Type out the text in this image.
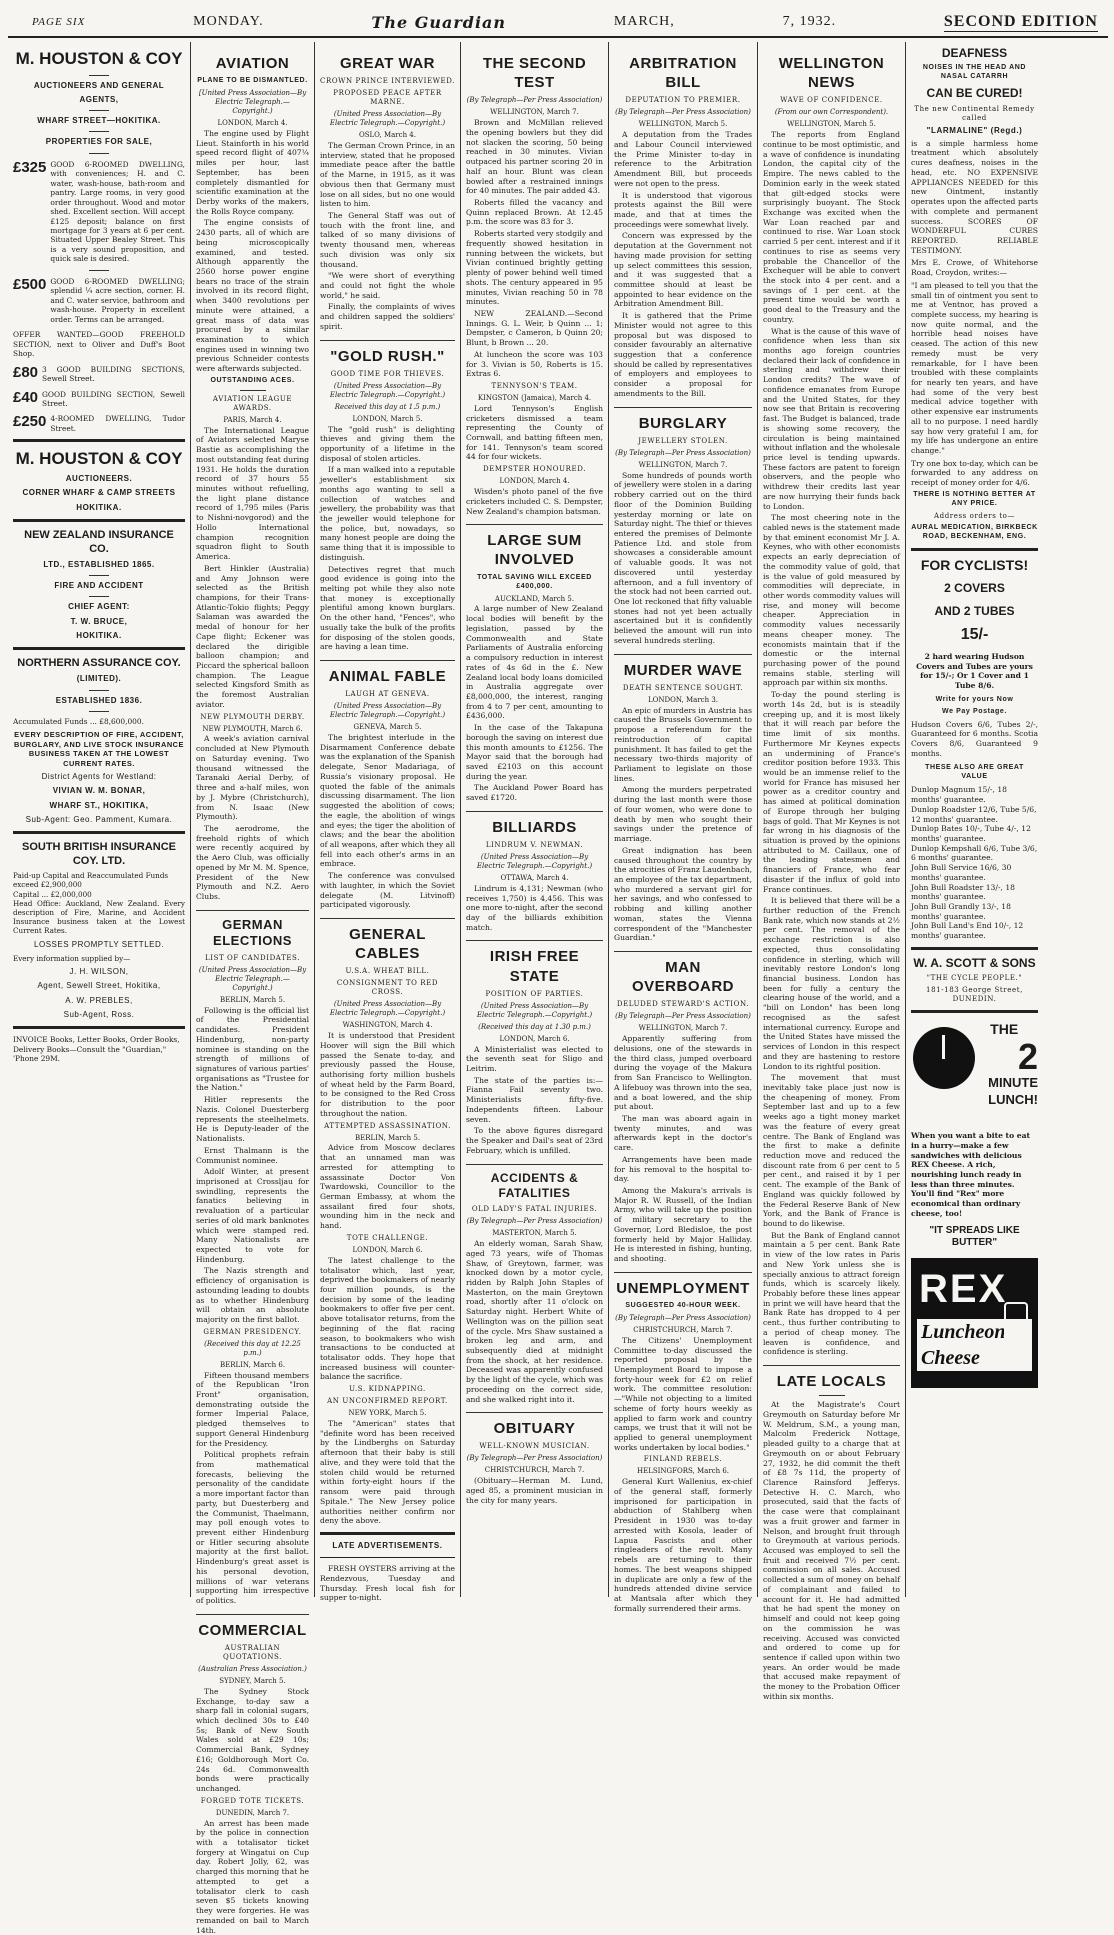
PAGE SIX	MONDAY.	The Guardian	MARCH,	7, 1932.	SECOND EDITION
M. HOUSTON & COY
AUCTIONEERS AND GENERAL
AGENTS,
WHARF STREET—HOKITIKA.
PROPERTIES FOR SALE,
£325 GOOD 6-ROOMED DWELLING, with conveniences; H. and C. water, wash-house, bath-room and pantry. Large rooms, in very good order throughout. Wood and motor shed. Excellent section. Will accept £125 deposit; balance on first mortgage for 3 years at 6 per cent. Situated Upper Bealey Street. This is a very sound proposition, and quick sale is desired.
£500 GOOD 6-ROOMED DWELLING; splendid ¼ acre section, corner. H. and C. water service, bathroom and wash-house. Property in excellent order. Terms can be arranged.
OFFER WANTED—GOOD FREEHOLD SECTION, next to Oliver and Duff's Boot Shop.
£80 3 GOOD BUILDING SECTIONS, Sewell Street.
£40 GOOD BUILDING SECTION, Sewell Street.
£250 4-ROOMED DWELLING, Tudor Street.
M. HOUSTON & COY
AUCTIONEERS.
CORNER WHARF & CAMP STREETS
HOKITIKA.
NEW ZEALAND INSURANCE CO.
LTD., ESTABLISHED 1865.
FIRE AND ACCIDENT
CHIEF AGENT:
T. W. BRUCE,
HOKITIKA.
NORTHERN ASSURANCE COY.
(LIMITED).
ESTABLISHED 1836.
Accumulated Funds ... £8,600,000.
EVERY DESCRIPTION OF FIRE, ACCIDENT, BURGLARY, AND LIVE STOCK INSURANCE BUSINESS TAKEN AT THE LOWEST CURRENT RATES.
District Agents for Westland:
VIVIAN W. M. BONAR,
WHARF ST., HOKITIKA,
Sub-Agent: Geo. Pamment, Kumara.
SOUTH BRITISH INSURANCE COY. LTD.
Paid-up Capital and Reaccumulated Funds exceed £2,900,000
Capital ... £2,000,000
Head Office: Auckland, New Zealand. Every description of Fire, Marine, and Accident Insurance business taken at the Lowest Current Rates.
LOSSES PROMPTLY SETTLED.
Every information supplied by—
J. H. WILSON,
Agent, Sewell Street, Hokitika,
A. W. PREBLES,
Sub-Agent, Ross.
INVOICE Books, Letter Books, Order Books, Delivery Books—Consult the "Guardian," 'Phone 29M.
AVIATION
PLANE TO BE DISMANTLED.
[United Press Association—By Electric Telegraph.—Copyright.)
LONDON, March 4.

The engine used by Flight Lieut. Stainforth in his world speed record flight of 407¼ miles per hour, last September, has been completely dismantled for scientific examination at the Derby works of the makers, the Rolls Royce company.

The engine consists of 2430 parts, all of which are being microscopically examined, and tested. Although apparently the 2560 horse power engine bears no trace of the strain involved in its record flight, when 3400 revolutions per minute were attained, a great mass of data was procured by a similar examination to which engines used in winning two previous Schneider contests were afterwards subjected.

OUTSTANDING ACES.
AVIATION LEAGUE AWARDS.
PARIS, March 4.

The International League of Aviators selected Maryse Bastie as accomplishing the most outstanding feat during 1931. He holds the duration record of 37 hours 55 minutes without refuelling, the light plane distance record of 1,795 miles (Paris to Nishni-novgorod) and the Hollo International champion recognition squadron flight to South America.

Bert Hinkler (Australia) and Amy Johnson were selected as the British champions, for their Trans-Atlantic-Tokio flights; Peggy Salaman was awarded the medal of honour for her Cape flight; Eckener was declared the dirigible balloon champion; and Piccard the spherical balloon champion. The League selected Kingsford Smith as the foremost Australian aviator.

NEW PLYMOUTH DERBY.
NEW PLYMOUTH, March 6.

A week's aviation carnival concluded at New Plymouth on Saturday evening. Two thousand witnessed the Taranaki Aerial Derby, of three and a-half miles, won by J. Mybre (Christchurch), from N. Isaac (New Plymouth).

The aerodrome, the freehold rights of which were recently acquired by the Aero Club, was officially opened by Mr M. M. Spence, President of the New Plymouth and N.Z. Aero Clubs.

GERMAN ELECTIONS
LIST OF CANDIDATES.
(United Press Association—By Electric Telegraph.—Copyright.)
BERLIN, March 5.

Following is the official list of the Presidential candidates. President Hindenburg, non-party nominee is standing on the strength of millions of signatures of various parties' organisations as "Trustee for the Nation."

Hitler represents the Nazis. Colonel Duesterberg represents the steelhelmets. He is Deputy-leader of the Nationalists.

Ernst Thalmann is the Communist nominee.

Adolf Winter, at present imprisoned at Crossljau for swindling, represents the fanatics believing in revaluation of a particular series of old mark banknotes which were stamped red. Many Nationalists are expected to vote for Hindenburg.

The Nazis strength and efficiency of organisation is astounding leading to doubts as to whether Hindenburg will obtain an absolute majority on the first ballot.

GERMAN PRESIDENCY.
(Received this day at 12.25 p.m.)
BERLIN, March 6.

Fifteen thousand members of the Republican "Iron Front" organisation, demonstrating outside the former Imperial Palace, pledged themselves to support General Hindenburg for the Presidency.

Political prophets refrain from mathematical forecasts, believing the personality of the candidate a more important factor than party, but Duesterberg and the Communist, Thaelmann, may poll enough votes to prevent either Hindenburg or Hitler securing absolute majority at the first ballot. Hindenburg's great asset is his personal devotion, millions of war veterans supporting him irrespective of politics.

COMMERCIAL
AUSTRALIAN QUOTATIONS.
(Australian Press Association.)
SYDNEY, March 5.

The Sydney Stock Exchange, to-day saw a sharp fall in colonial sugars, which declined 30s to £40 5s; Bank of New South Wales sold at £29 10s; Commercial Bank, Sydney £16; Goldborough Mort Co. 24s 6d. Commonwealth bonds were practically unchanged.

FORGED TOTE TICKETS.
DUNEDIN, March 7.

An arrest has been made by the police in connection with a totalisator ticket forgery at Wingatui on Cup day. Robert Jolly, 62, was charged this morning that he attempted to get a totalisator clerk to cash seven $5 tickets knowing they were forgeries. He was remanded on bail to March 14th.

GREAT WAR
CROWN PRINCE INTERVIEWED.
PROPOSED PEACE AFTER MARNE.
(United Press Association—By Electric Telegraph.—Copyright.)
OSLO, March 4.

The German Crown Prince, in an interview, stated that he proposed immediate peace after the battle of the Marne, in 1915, as it was obvious then that Germany must lose on all sides, but no one would listen to him.

The General Staff was out of touch with the front line, and talked of so many divisions of twenty thousand men, whereas such division was only six thousand.

"We were short of everything and could not fight the whole world," he said.

Finally, the complaints of wives and children sapped the soldiers' spirit.

"GOLD RUSH."
GOOD TIME FOR THIEVES.
(United Press Association—By Electric Telegraph.—Copyright.)
Received this day at 1.5 p.m.)
LONDON, March 5.

The "gold rush" is delighting thieves and giving them the opportunity of a lifetime in the disposal of stolen articles.

If a man walked into a reputable jeweller's establishment six months ago wanting to sell a collection of watches and jewellery, the probability was that the jeweller would telephone for the police, but, nowadays, so many honest people are doing the same thing that it is impossible to distinguish.

Detectives regret that much good evidence is going into the melting pot while they also note that money is exceptionally plentiful among known burglars. On the other hand, "Fences", who usually take the bulk of the profits for disposing of the stolen goods, are having a lean time.

ANIMAL FABLE
LAUGH AT GENEVA.
(United Press Association—By Electric Telegraph.—Copyright.)
GENEVA, March 5.

The brightest interlude in the Disarmament Conference debate was the explanation of the Spanish delegate, Senor Madariaga, of Russia's visionary proposal. He quoted the fable of the animals discussing disarmament. The lion suggested the abolition of cows; the eagle, the abolition of wings and eyes; the tiger the abolition of claws; and the bear the abolition of all weapons, after which they all fell into each other's arms in an embrace.

The conference was convulsed with laughter, in which the Soviet delegate (M. Litvinoff) participated vigorously.

GENERAL CABLES
U.S.A. WHEAT BILL.
CONSIGNMENT TO RED CROSS.
(United Press Association—By Electric Telegraph.—Copyright.)
WASHINGTON, March 4.

It is understood that President Hoover will sign the Bill which passed the Senate to-day, and previously passed the House, authorising forty million bushels of wheat held by the Farm Board, to be consigned to the Red Cross for distribution to the poor throughout the nation.

ATTEMPTED ASSASSINATION.
BERLIN, March 5.

Advice from Moscow declares that an unnamed man was arrested for attempting to assassinate Doctor Von Twardowski, Councillor to the German Embassy, at whom the assailant fired four shots, wounding him in the neck and hand.

TOTE CHALLENGE.
LONDON, March 6.

The latest challenge to the totalisator which, last year, deprived the bookmakers of nearly four million pounds, is the decision by some of the leading bookmakers to offer five per cent. above totalisator returns, from the beginning of the flat racing season, to bookmakers who wish transactions to be conducted at totalisator odds. They hope that increased business will counter-balance the sacrifice.

U.S. KIDNAPPING.
AN UNCONFIRMED REPORT.
NEW YORK, March 5.

The "American" states that "definite word has been received by the Lindberghs on Saturday afternoon that their baby is still alive, and they were told that the stolen child would be returned within forty-eight hours if the ransom were paid through Spitale." The New Jersey police authorities neither confirm nor deny the above.

LATE ADVERTISEMENTS.

FRESH OYSTERS arriving at the Rendezvous, Tuesday and Thursday. Fresh local fish for supper to-night.

THE SECOND TEST
(By Telegraph—Per Press Association)
WELLINGTON, March 7.

Brown and McMillan relieved the opening bowlers but they did not slacken the scoring, 50 being reached in 30 minutes. Vivian outpaced his partner scoring 20 in half an hour. Blunt was clean bowled after a restrained innings for 40 minutes. The pair added 43.

Roberts filled the vacancy and Quinn replaced Brown. At 12.45 p.m. the score was 83 for 3.

Roberts started very stodgily and frequently showed hesitation in running between the wickets, but Vivian continued brightly getting plenty of power behind well timed shots. The century appeared in 95 minutes, Vivian reaching 50 in 78 minutes.

NEW ZEALAND.—Second Innings. G. L. Weir, b Quinn ... 1; Dempster, c Cameron, b Quinn 20; Blunt, b Brown ... 20.

At luncheon the score was 103 for 3. Vivian is 50, Roberts is 15. Extras 6.

TENNYSON'S TEAM.
KINGSTON (Jamaica), March 4.

Lord Tennyson's English cricketers dismissed a team representing the County of Cornwall, and batting fifteen men, for 141. Tennyson's team scored 44 for four wickets.

DEMPSTER HONOURED.
LONDON, March 4.

Wisden's photo panel of the five cricketers included C. S. Dempster, New Zealand's champion batsman.

LARGE SUM INVOLVED
TOTAL SAVING WILL EXCEED £400,000.
AUCKLAND, March 5.

A large number of New Zealand local bodies will benefit by the legislation, passed by the Commonwealth and State Parliaments of Australia enforcing a compulsory reduction in interest rates of 4s 6d in the £. New Zealand local body loans domiciled in Australia aggregate over £8,000,000, the interest, ranging from 4 to 7 per cent, amounting to £436,000.

In the case of the Takapuna borough the saving on interest due this month amounts to £1256. The Mayor said that the borough had saved £2103 on this account during the year.

The Auckland Power Board has saved £1720.

BILLIARDS
LINDRUM V. NEWMAN.
(United Press Association—By Electric Telegraph.—Copyright.)
OTTAWA, March 4.

Lindrum is 4,131; Newman (who receives 1,750) is 4,456. This was one more to-night, after the second day of the billiards exhibition match.

IRISH FREE STATE
POSITION OF PARTIES.
(United Press Association—By Electric Telegraph.—Copyright.)
(Received this day at 1.30 p.m.)
LONDON, March 6.

A Ministerialist was elected to the seventh seat for Sligo and Leitrim.

The state of the parties is:—Fianna Fail seventy two. Ministerialists fifty-five. Independents fifteen. Labour seven.

To the above figures disregard the Speaker and Dail's seat of 23rd February, which is unfilled.

ACCIDENTS & FATALITIES
OLD LADY'S FATAL INJURIES.
(By Telegraph—Per Press Association)
MASTERTON, March 5.

An elderly woman, Sarah Shaw, aged 73 years, wife of Thomas Shaw, of Greytown, farmer, was knocked down by a motor cycle, ridden by Ralph John Staples of Masterton, on the main Greytown road, shortly after 11 o'clock on Saturday night. Herbert White of Wellington was on the pillion seat of the cycle. Mrs Shaw sustained a broken leg and arm, and subsequently died at midnight from the shock, at her residence. Deceased was apparently confused by the light of the cycle, which was proceeding on the correct side, and she walked right into it.

OBITUARY
WELL-KNOWN MUSICIAN.
(By Telegraph—Per Press Association)
CHRISTCHURCH, March 7.

(Obituary—Herman M. Lund, aged 85, a prominent musician in the city for many years.

ARBITRATION BILL
DEPUTATION TO PREMIER.
(By Telegraph—Per Press Association)
WELLINGTON, March 5.

A deputation from the Trades and Labour Council interviewed the Prime Minister to-day in reference to the Arbitration Amendment Bill, but proceeds were not open to the press.

It is understood that vigorous protests against the Bill were made, and that at times the proceedings were somewhat lively.

Concern was expressed by the deputation at the Government not having made provision for setting up select committees this session, and it was suggested that a committee should at least be appointed to hear evidence on the Arbitration Amendment Bill.

It is gathered that the Prime Minister would not agree to this proposal but was disposed to consider favourably an alternative suggestion that a conference should be called by representatives of employers and employees to consider a proposal for amendments to the Bill.

BURGLARY
JEWELLERY STOLEN.
(By Telegraph—Per Press Association)
WELLINGTON, March 7.

Some hundreds of pounds worth of jewellery were stolen in a daring robbery carried out on the third floor of the Dominion Building yesterday morning or late on Saturday night. The thief or thieves entered the premises of Delmonte Patience Ltd. and stole from showcases a considerable amount of valuable goods. It was not discovered until yesterday afternoon, and a full inventory of the stock had not been carried out. One lot reckoned that fifty valuable stones had not yet been actually ascertained but it is confidently believed the amount will run into several hundreds sterling.

MURDER WAVE
DEATH SENTENCE SOUGHT.
LONDON, March 3.

An epic of murders in Austria has caused the Brussels Government to propose a referendum for the reintroduction of capital punishment. It has failed to get the necessary two-thirds majority of Parliament to legislate on those lines.

Among the murders perpetrated during the last month were those of four women, who were done to death by men who sought their savings under the pretence of marriage.

Great indignation has been caused throughout the country by the atrocities of Franz Laudenbach, an employee of the tax department, who murdered a servant girl for her savings, and who confessed to robbing and killing another woman, states the Vienna correspondent of the "Manchester Guardian."

MAN OVERBOARD
DELUDED STEWARD'S ACTION.
(By Telegraph—Per Press Association)
WELLINGTON, March 7.

Apparently suffering from delusions, one of the stewards in the third class, jumped overboard during the voyage of the Makura from San Francisco to Wellington. A lifebuoy was thrown into the sea, and a boat lowered, and the ship put about.

The man was aboard again in twenty minutes, and was afterwards kept in the doctor's care.

Arrangements have been made for his removal to the hospital to-day.

Among the Makura's arrivals is Major R. W. Russell, of the Indian Army, who will take up the position of military secretary to the Governor, Lord Bledisloe, the post formerly held by Major Halliday. He is interested in fishing, hunting, and shooting.

UNEMPLOYMENT
SUGGESTED 40-HOUR WEEK.
(By Telegraph—Per Press Association)
CHRISTCHURCH, March 7.

The Citizens' Unemployment Committee to-day discussed the reported proposal by the Unemployment Board to impose a forty-hour week for £2 on relief work. The committee resolution:—"While not objecting to a limited scheme of forty hours weekly as applied to farm work and country camps, we trust that it will not be applied to general unemployment works undertaken by local bodies."

FINLAND REBELS.
HELSINGFORS, March 6.

General Kurt Wallenius, ex-chief of the general staff, formerly imprisoned for participation in abduction of Stahlberg when President in 1930 was to-day arrested with Kosola, leader of Lapua Fascists and other ringleaders of the revolt. Many rebels are returning to their homes. The best weapons shipped in duplicate are only a few of the hundreds attended divine service at Mantsala after which they formally surrendered their arms.

WELLINGTON NEWS
WAVE OF CONFIDENCE.
(From our own Correspondent).
WELLINGTON, March 5.

The reports from England continue to be most optimistic, and a wave of confidence is inundating London, the capital city of the Empire. The news cabled to the Dominion early in the week stated that gilt-edged stocks were surprisingly buoyant. The Stock Exchange was excited when the War Loan reached par and continued to rise. War Loan stock carried 5 per cent. interest and if it continues to rise as seems very probable the Chancellor of the Exchequer will be able to convert the stock into 4 per cent. and a savings of 1 per cent. at the present time would be worth a good deal to the Treasury and the country.

What is the cause of this wave of confidence when less than six months ago foreign countries declared their lack of confidence in sterling and withdrew their London credits? The wave of confidence emanates from Europe and the United States, for they now see that Britain is recovering fast. The Budget is balanced, trade is showing some recovery, the circulation is being maintained without inflation and the wholesale price level is tending upwards. These factors are patent to foreign observers, and the people who withdrew their credits last year are now hurrying their funds back to London.

The most cheering note in the cabled news is the statement made by that eminent economist Mr J. A. Keynes, who with other economists expects an early depreciation of the commodity value of gold, that is the value of gold measured by commodities will depreciate, in other words commodity values will rise, and money will become cheaper. Appreciation in commodity values necessarily means cheaper money. The economists maintain that if the domestic or the internal purchasing power of the pound remains stable, sterling will approach par within six months.

To-day the pound sterling is worth 14s 2d, but is is steadily creeping up, and it is most likely that it will reach par before the time limit of six months. Furthermore Mr Keynes expects an undermining of France's creditor position before 1933. This would be an immense relief to the world for France has misused her power as a creditor country and has aimed at political domination of Europe through her bulging bags of gold. That Mr Keynes is not far wrong in his diagnosis of the situation is proved by the opinions attributed to M. Caillaux, one of the leading statesmen and financiers of France, who fear disaster if the influx of gold into France continues.

It is believed that there will be a further reduction of the French Bank rate, which now stands at 2½ per cent. The removal of the exchange restriction is also expected, thus consolidating confidence in sterling, which will inevitably restore London's long financial business. London has been for fully a century the clearing house of the world, and a "bill on London" has been long recognised as the safest international currency. Europe and the United States have missed the services of London in this respect and they are hastening to restore London to its rightful position.

The movement that must inevitably take place just now is the cheapening of money. From September last and up to a few weeks ago a tight money market was the feature of every great centre. The Bank of England was the first to make a definite reduction move and reduced the discount rate from 6 per cent to 5 per cent., and raised it by 1 per cent. The example of the Bank of England was quickly followed by the Federal Reserve Bank of New York, and the Bank of France is bound to do likewise.

But the Bank of England cannot maintain a 5 per cent. Bank Rate in view of the low rates in Paris and New York unless she is specially anxious to attract foreign funds, which is scarcely likely. Probably before these lines appear in print we will have heard that the Bank Rate has dropped to 4 per cent., thus further contributing to a period of cheap money. The leaven is confidence, and confidence is sterling.

LATE LOCALS

At the Magistrate's Court Greymouth on Saturday before Mr W. Meldrum, S.M., a young man, Malcolm Frederick Nottage, pleaded guilty to a charge that at Greymouth on or about February 27, 1932, he did commit the theft of £8 7s 11d, the property of Clarence Rainsford Jefferys. Detective H. C. March, who prosecuted, said that the facts of the case were that complainant was a fruit grower and farmer in Nelson, and brought fruit through to Greymouth at various periods. Accused was employed to sell the fruit and received 7½ per cent. commission on all sales. Accused collected a sum of money on behalf of complainant and failed to account for it. He had admitted that he had spent the money on himself and could not keep going on the commission he was receiving. Accused was convicted and ordered to come up for sentence if called upon within two years. An order would be made that accused make repayment of the money to the Probation Officer within six months.

DEAFNESS
NOISES IN THE HEAD AND NASAL CATARRH
CAN BE CURED!
The new Continental Remedy called
"LARMALINE" (Regd.)

is a simple harmless home treatment which absolutely cures deafness, noises in the head, etc. NO EXPENSIVE APPLIANCES NEEDED for this new Ointment, instantly operates upon the affected parts with complete and permanent success. SCORES OF WONDERFUL CURES REPORTED. RELIABLE TESTIMONY.

Mrs E. Crowe, of Whitehorse Road, Croydon, writes:—

"I am pleased to tell you that the small tin of ointment you sent to me at Ventnor, has proved a complete success, my hearing is now quite normal, and the horrible head noises have ceased. The action of this new remedy must be very remarkable, for I have been troubled with these complaints for nearly ten years, and have had some of the very best medical advice together with other expensive ear instruments all to no purpose. I need hardly say how very grateful I am, for my life has undergone an entire change."

Try one box to-day, which can be forwarded to any address on receipt of money order for 4/6.

THERE IS NOTHING BETTER AT ANY PRICE.
Address orders to—
AURAL MEDICATION, BIRKBECK ROAD, BECKENHAM, ENG.
FOR CYCLISTS!
2 COVERS
AND 2 TUBES
15/-

2 hard wearing Hudson Covers and Tubes are yours for 15/-; Or 1 Cover and 1 Tube 8/6.

Write for yours Now
We Pay Postage.

Hudson Covers 6/6, Tubes 2/-, Guaranteed for 6 months. Scotia Covers 8/6, Guaranteed 9 months.

THESE ALSO ARE GREAT VALUE

Dunlop Magnum 15/-, 18 months' guarantee.

Dunlop Roadster 12/6, Tube 5/6, 12 months' guarantee.

Dunlop Bates 10/-, Tube 4/-, 12 months' guarantee.

Dunlop Kempshall 6/6, Tube 3/6, 6 months' guarantee.

John Bull Service 16/6, 30 months' guarantee.

John Bull Roadster 13/-, 18 months' guarantee.

John Bull Grandly 13/-, 18 months' guarantee.

John Bull Land's End 10/-, 12 months' guarantee.

W. A. SCOTT & SONS
"THE CYCLE PEOPLE."
181-183 George Street, DUNEDIN.
THE
2
MINUTE
LUNCH!

When you want a bite to eat in a hurry—make a few sandwiches with delicious REX Cheese. A rich, nourishing lunch ready in less than three minutes. You'll find "Rex" more economical than ordinary cheese, too!

"IT SPREADS LIKE BUTTER"
REX
Luncheon
Cheese
